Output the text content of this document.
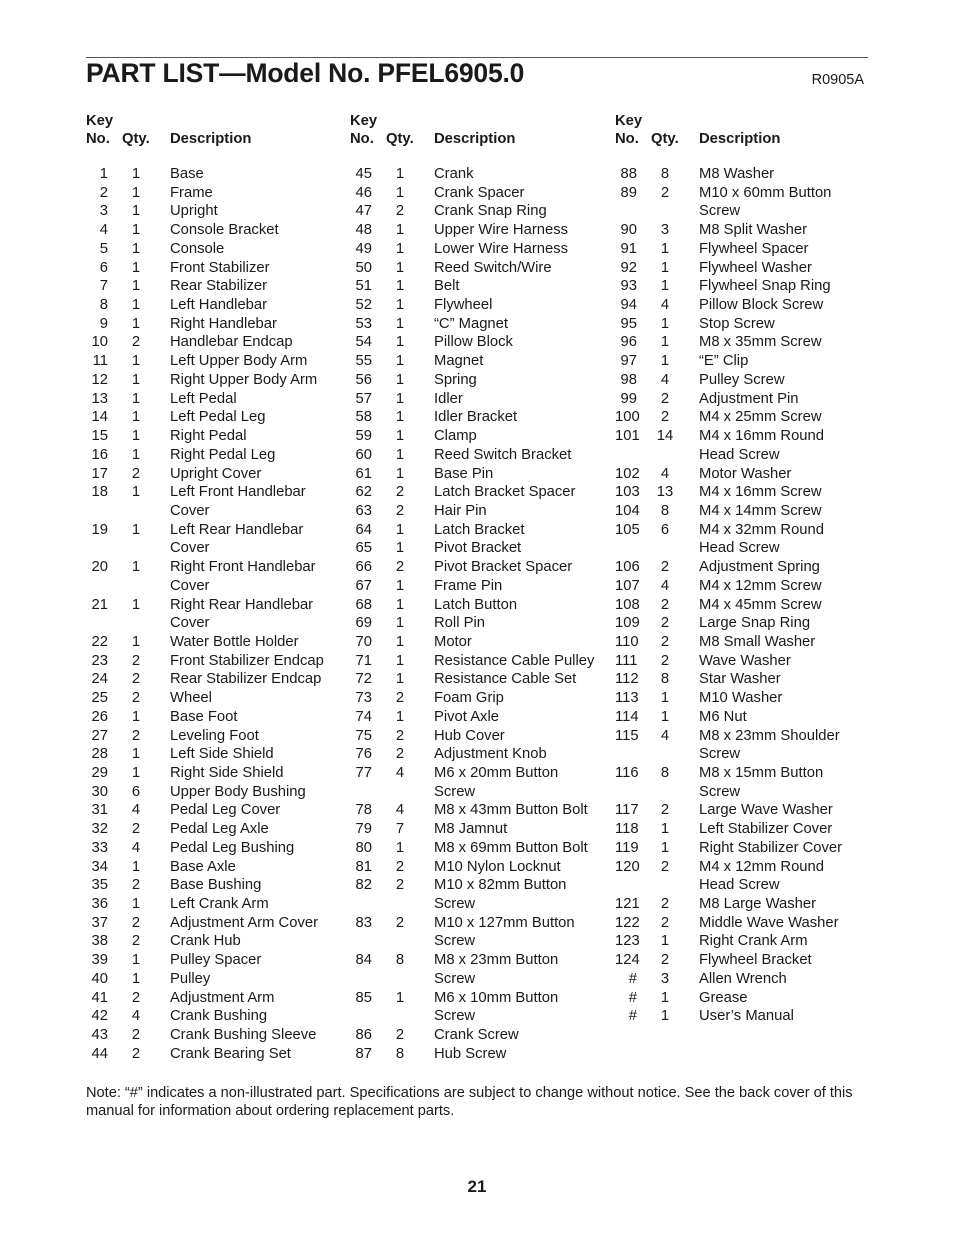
PART LIST—Model No. PFEL6905.0	R0905A
Key
No. Qty. Description
1	1	Base
2	1	Frame
3	1	Upright
4	1	Console Bracket
5	1	Console
6	1	Front Stabilizer
7	1	Rear Stabilizer
8	1	Left Handlebar
9	1	Right Handlebar
10	2	Handlebar Endcap
11	1	Left Upper Body Arm
12	1	Right Upper Body Arm
13	1	Left Pedal
14	1	Left Pedal Leg
15	1	Right Pedal
16	1	Right Pedal Leg
17	2	Upright Cover
18	1	Left Front Handlebar
Cover
19	1	Left Rear Handlebar
Cover
20	1	Right Front Handlebar
Cover
21	1	Right Rear Handlebar
Cover
22	1	Water Bottle Holder
23	2	Front Stabilizer Endcap
24	2	Rear Stabilizer Endcap
25	2	Wheel
26	1	Base Foot
27	2	Leveling Foot
28	1	Left Side Shield
29	1	Right Side Shield
30	6	Upper Body Bushing
31	4	Pedal Leg Cover
32	2	Pedal Leg Axle
33	4	Pedal Leg Bushing
34	1	Base Axle
35	2	Base Bushing
36	1	Left Crank Arm
37	2	Adjustment Arm Cover
38	2	Crank Hub
39	1	Pulley Spacer
40	1	Pulley
41	2	Adjustment Arm
42	4	Crank Bushing
43	2	Crank Bushing Sleeve
44	2	Crank Bearing Set
Key
No. Qty. Description
45	1	Crank
46	1	Crank Spacer
47	2	Crank Snap Ring
48	1	Upper Wire Harness
49	1	Lower Wire Harness
50	1	Reed Switch/Wire
51	1	Belt
52	1	Flywheel
53	1	“C” Magnet
54	1	Pillow Block
55	1	Magnet
56	1	Spring
57	1	Idler
58	1	Idler Bracket
59	1	Clamp
60	1	Reed Switch Bracket
61	1	Base Pin
62	2	Latch Bracket Spacer
63	2	Hair Pin
64	1	Latch Bracket
65	1	Pivot Bracket
66	2	Pivot Bracket Spacer
67	1	Frame Pin
68	1	Latch Button
69	1	Roll Pin
70	1	Motor
71	1	Resistance Cable Pulley
72	1	Resistance Cable Set
73	2	Foam Grip
74	1	Pivot Axle
75	2	Hub Cover
76	2	Adjustment Knob
77	4	M6 x 20mm Button
Screw
78	4	M8 x 43mm Button Bolt
79	7	M8 Jamnut
80	1	M8 x 69mm Button Bolt
81	2	M10 Nylon Locknut
82	2	M10 x 82mm Button
Screw
83	2	M10 x 127mm Button
Screw
84	8	M8 x 23mm Button
Screw
85	1	M6 x 10mm Button
Screw
86	2	Crank Screw
87	8	Hub Screw
Key
No. Qty. Description
88	8	M8 Washer
89	2	M10 x 60mm Button
Screw
90	3	M8 Split Washer
91	1	Flywheel Spacer
92	1	Flywheel Washer
93	1	Flywheel Snap Ring
94	4	Pillow Block Screw
95	1	Stop Screw
96	1	M8 x 35mm Screw
97	1	“E” Clip
98	4	Pulley Screw
99	2	Adjustment Pin
100	2	M4 x 25mm Screw
101	14	M4 x 16mm Round
Head Screw
102	4	Motor Washer
103	13	M4 x 16mm Screw
104	8	M4 x 14mm Screw
105	6	M4 x 32mm Round
Head Screw
106	2	Adjustment Spring
107	4	M4 x 12mm Screw
108	2	M4 x 45mm Screw
109	2	Large Snap Ring
110	2	M8 Small Washer
111	2	Wave Washer
112	8	Star Washer
113	1	M10 Washer
114	1	M6 Nut
115	4	M8 x 23mm Shoulder
Screw
116	8	M8 x 15mm Button
Screw
117	2	Large Wave Washer
118	1	Left Stabilizer Cover
119	1	Right Stabilizer Cover
120	2	M4 x 12mm Round
Head Screw
121	2	M8 Large Washer
122	2	Middle Wave Washer
123	1	Right Crank Arm
124	2	Flywheel Bracket
#	3	Allen Wrench
#	1	Grease
#	1	User’s Manual
Note: “#” indicates a non-illustrated part. Specifications are subject to change without notice. See the back cover of this manual for information about ordering replacement parts.
21
